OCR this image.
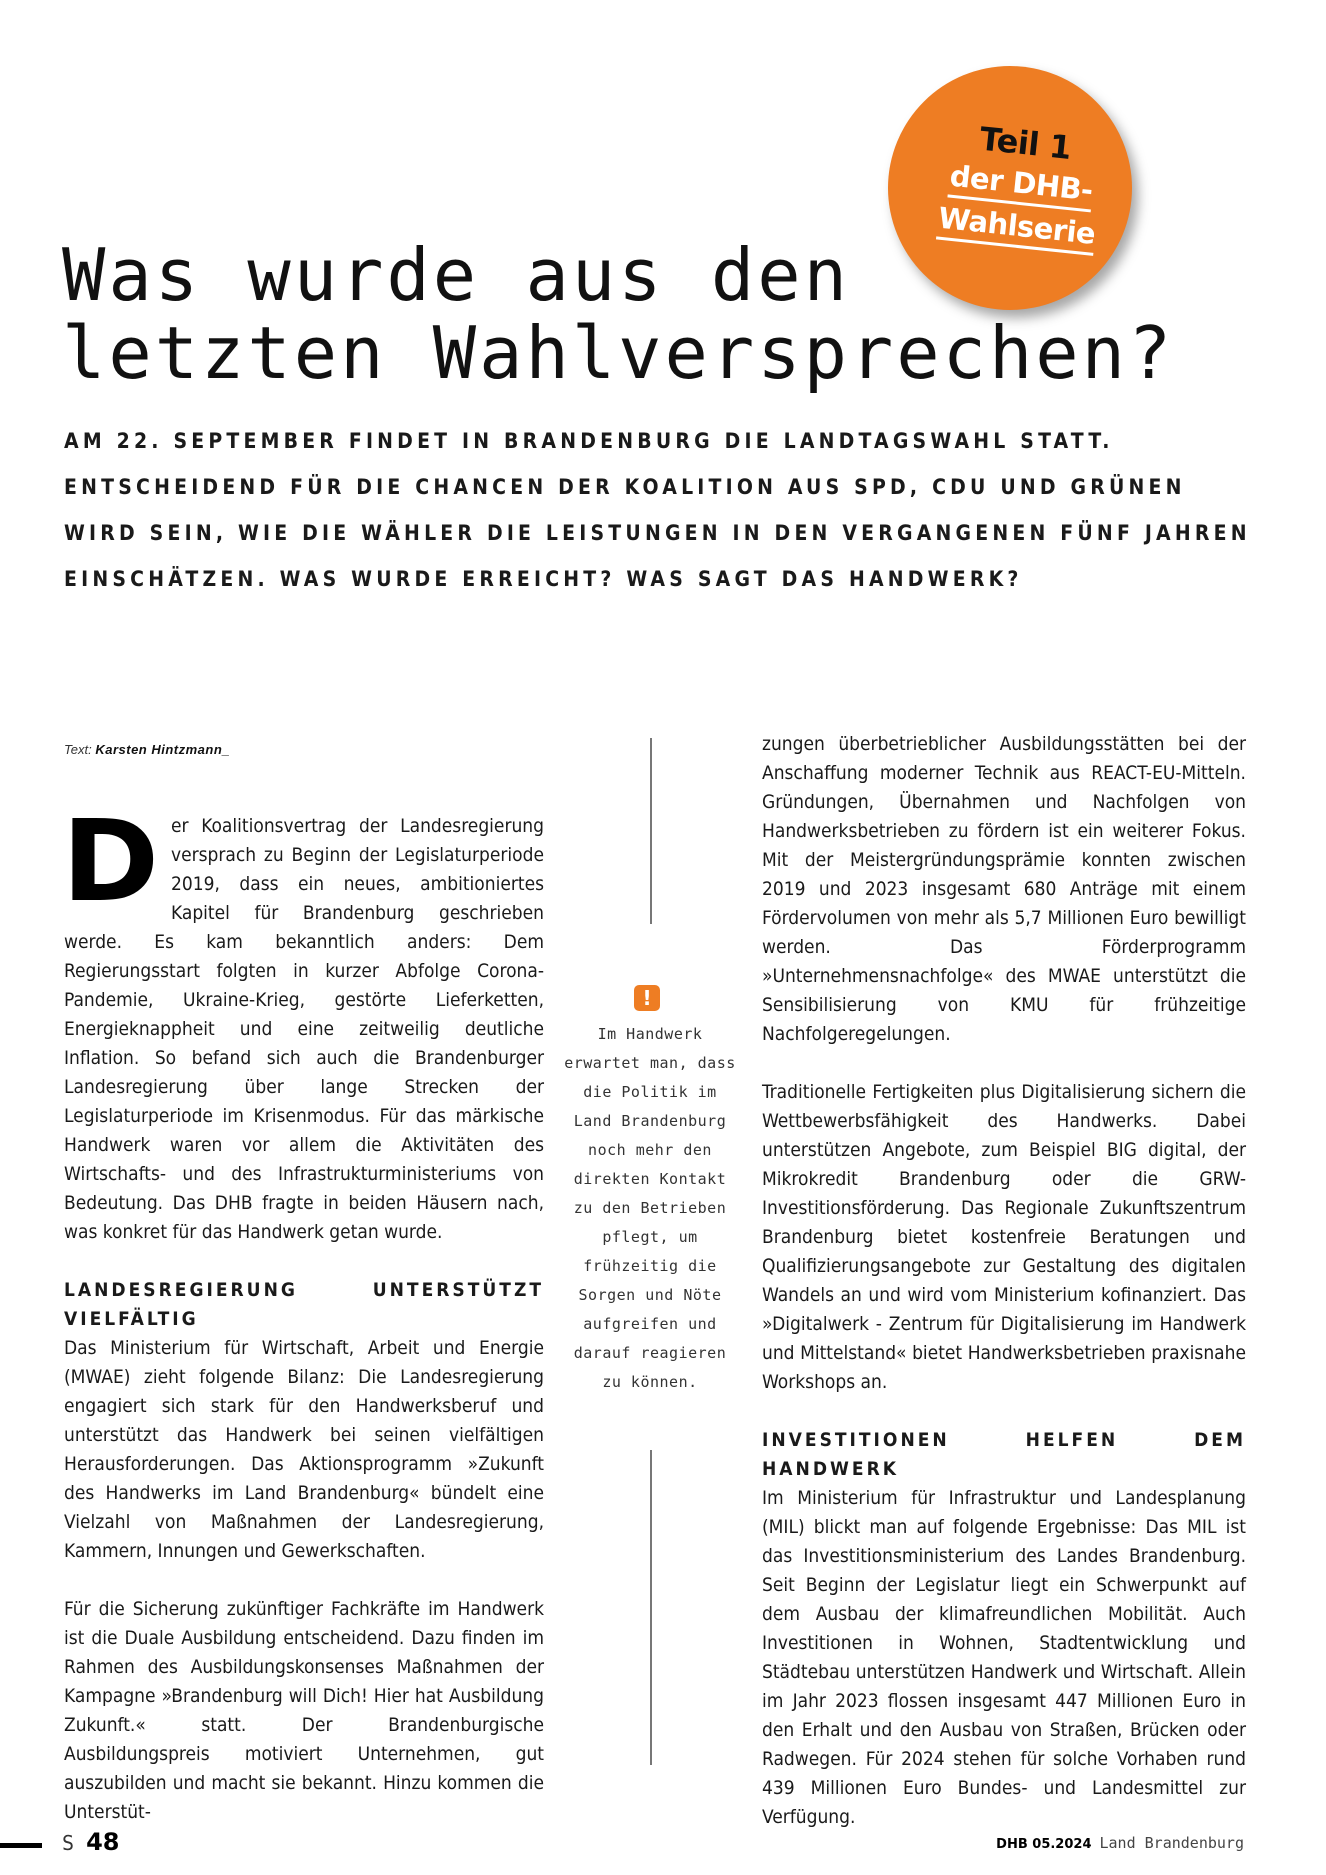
Teil 1
der DHB-
Wahlserie
Was wurde aus den
letzten Wahlversprechen?

AM 22. SEPTEMBER FINDET IN BRANDENBURG DIE LANDTAGSWAHL STATT. ENTSCHEIDEND FÜR DIE CHANCEN DER KOALITION AUS SPD, CDU UND GRÜNEN WIRD SEIN, WIE DIE WÄHLER DIE LEISTUNGEN IN DEN VERGANGENEN FÜNF JAHREN EINSCHÄTZEN. WAS WURDE ERREICHT? WAS SAGT DAS HANDWERK?

Text: Karsten Hintzmann_

Der Koalitionsvertrag der Landesregierung versprach zu Beginn der Legislaturperiode 2019, dass ein neues, ambitioniertes Kapitel für Brandenburg geschrieben werde. Es kam bekanntlich anders: Dem Regierungsstart folgten in kurzer Abfolge Corona-Pandemie, Ukraine-Krieg, gestörte Lieferketten, Energieknappheit und eine zeitweilig deutliche Inflation. So befand sich auch die Brandenburger Landesregierung über lange Strecken der Legislaturperiode im Krisenmodus. Für das märkische Handwerk waren vor allem die Aktivitäten des Wirtschafts- und des Infrastrukturministeriums von Bedeutung. Das DHB fragte in beiden Häusern nach, was konkret für das Handwerk getan wurde.

LANDESREGIERUNG UNTERSTÜTZT VIELFÄLTIG

Das Ministerium für Wirtschaft, Arbeit und Energie (MWAE) zieht folgende Bilanz: Die Landesregierung engagiert sich stark für den Handwerksberuf und unterstützt das Handwerk bei seinen vielfältigen Herausforderungen. Das Aktionsprogramm »Zukunft des Handwerks im Land Brandenburg« bündelt eine Vielzahl von Maßnahmen der Landesregierung, Kammern, Innungen und Gewerkschaften.

Für die Sicherung zukünftiger Fachkräfte im Handwerk ist die Duale Ausbildung entscheidend. Dazu finden im Rahmen des Ausbildungskonsenses Maßnahmen der Kampagne »Brandenburg will Dich! Hier hat Ausbildung Zukunft.« statt. Der Brandenburgische Ausbildungspreis motiviert Unternehmen, gut auszubilden und macht sie bekannt. Hinzu kommen die Unterstüt-

!
Im Handwerk erwartet man, dass die Politik im Land Brandenburg noch mehr den direkten Kontakt zu den Betrieben pflegt, um frühzeitig die Sorgen und Nöte aufgreifen und darauf reagieren zu können.

zungen überbetrieblicher Ausbildungsstätten bei der Anschaffung moderner Technik aus REACT-EU-Mitteln. Gründungen, Übernahmen und Nachfolgen von Handwerksbetrieben zu fördern ist ein weiterer Fokus. Mit der Meistergründungsprämie konnten zwischen 2019 und 2023 insgesamt 680 Anträge mit einem Fördervolumen von mehr als 5,7 Millionen Euro bewilligt werden. Das Förderprogramm »Unternehmensnachfolge« des MWAE unterstützt die Sensibilisierung von KMU für frühzeitige Nachfolgeregelungen.

Traditionelle Fertigkeiten plus Digitalisierung sichern die Wettbewerbsfähigkeit des Handwerks. Dabei unterstützen Angebote, zum Beispiel BIG digital, der Mikrokredit Brandenburg oder die GRW-Investitionsförderung. Das Regionale Zukunftszentrum Brandenburg bietet kostenfreie Beratungen und Qualifizierungsangebote zur Gestaltung des digitalen Wandels an und wird vom Ministerium kofinanziert. Das »Digitalwerk - Zentrum für Digitalisierung im Handwerk und Mittelstand« bietet Handwerksbetrieben praxisnahe Workshops an.

INVESTITIONEN HELFEN DEM HANDWERK

Im Ministerium für Infrastruktur und Landesplanung (MIL) blickt man auf folgende Ergebnisse: Das MIL ist das Investitionsministerium des Landes Brandenburg. Seit Beginn der Legislatur liegt ein Schwerpunkt auf dem Ausbau der klimafreundlichen Mobilität. Auch Investitionen in Wohnen, Stadtentwicklung und Städtebau unterstützen Handwerk und Wirtschaft. Allein im Jahr 2023 flossen insgesamt 447 Millionen Euro in den Erhalt und den Ausbau von Straßen, Brücken oder Radwegen. Für 2024 stehen für solche Vorhaben rund 439 Millionen Euro Bundes- und Landesmittel zur Verfügung.

S 48	DHB 05.2024 Land Brandenburg
